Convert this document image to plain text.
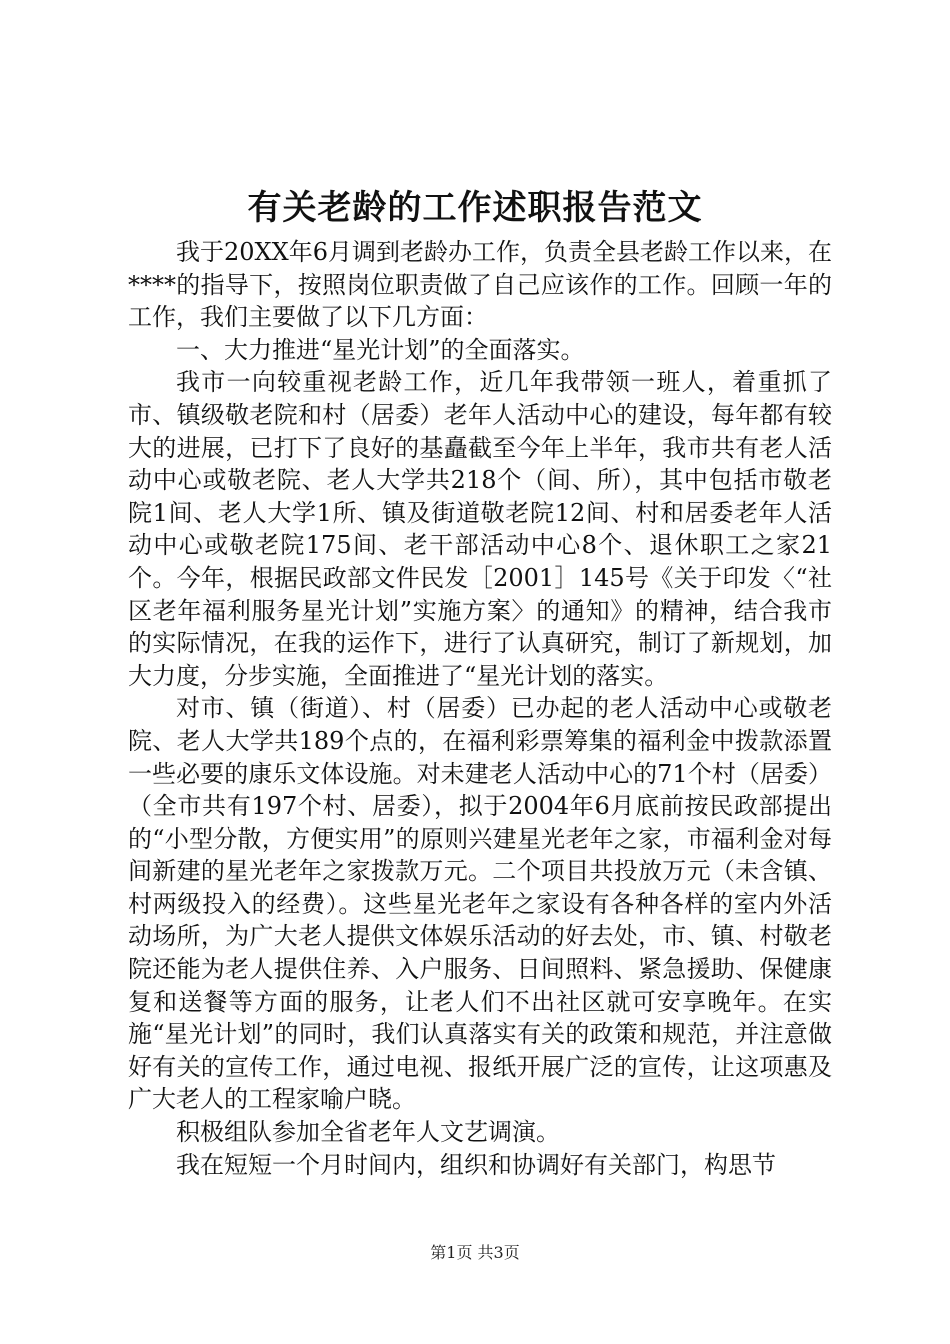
有关老龄的工作述职报告范文

我于20XX年6月调到老龄办工作，负责全县老龄工作以来，在****的指导下，按照岗位职责做了自己应该作的工作。回顾一年的工作，我们主要做了以下几方面：

一、大力推进“星光计划”的全面落实。

我市一向较重视老龄工作，近几年我带领一班人，着重抓了市、镇级敬老院和村（居委）老年人活动中心的建设，每年都有较大的进展，已打下了良好的基矗截至今年上半年，我市共有老人活动中心或敬老院、老人大学共218个（间、所），其中包括市敬老院1间、老人大学1所、镇及街道敬老院12间、村和居委老年人活动中心或敬老院175间、老干部活动中心8个、退休职工之家21个。今年，根据民政部文件民发［2001］145号《关于印发〈“社区老年福利服务星光计划”实施方案〉的通知》的精神，结合我市的实际情况，在我的运作下，进行了认真研究，制订了新规划，加大力度，分步实施，全面推进了“星光计划的落实。

对市、镇（街道）、村（居委）已办起的老人活动中心或敬老院、老人大学共189个点的，在福利彩票筹集的福利金中拨款添置一些必要的康乐文体设施。对未建老人活动中心的71个村（居委）（全市共有197个村、居委），拟于2004年6月底前按民政部提出的“小型分散，方便实用”的原则兴建星光老年之家，市福利金对每间新建的星光老年之家拨款万元。二个项目共投放万元（未含镇、村两级投入的经费）。这些星光老年之家设有各种各样的室内外活动场所，为广大老人提供文体娱乐活动的好去处，市、镇、村敬老院还能为老人提供住养、入户服务、日间照料、紧急援助、保健康复和送餐等方面的服务，让老人们不出社区就可安享晚年。在实施“星光计划”的同时，我们认真落实有关的政策和规范，并注意做好有关的宣传工作，通过电视、报纸开展广泛的宣传，让这项惠及广大老人的工程家喻户晓。

积极组队参加全省老年人文艺调演。

我在短短一个月时间内，组织和协调好有关部门，构思节

第1页 共3页
